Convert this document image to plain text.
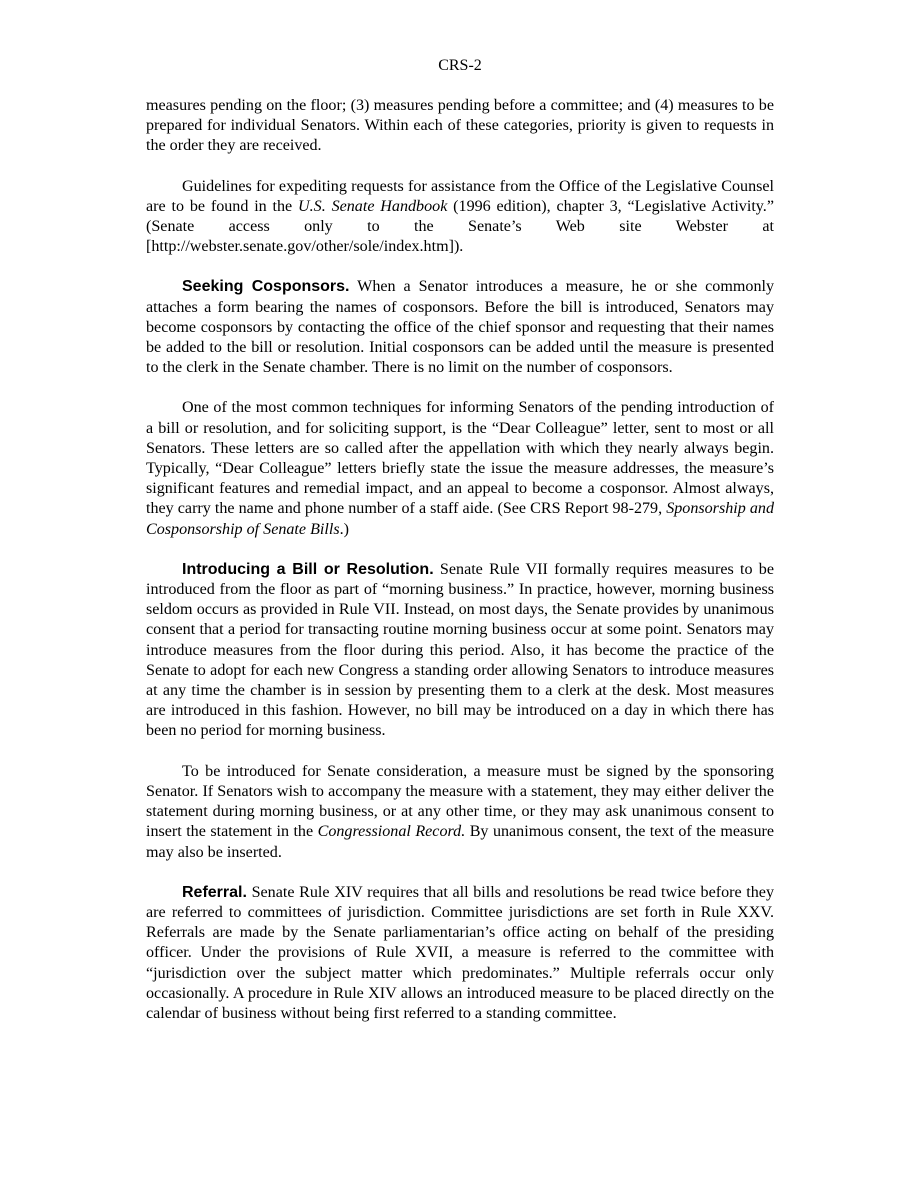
CRS-2

measures pending on the floor; (3) measures pending before a committee; and (4) measures to be prepared for individual Senators. Within each of these categories, priority is given to requests in the order they are received.

Guidelines for expediting requests for assistance from the Office of the Legislative Counsel are to be found in the U.S. Senate Handbook (1996 edition), chapter 3, “Legislative Activity.” (Senate access only to the Senate’s Web site Webster at [http://webster.senate.gov/other/sole/index.htm]).

Seeking Cosponsors. When a Senator introduces a measure, he or she commonly attaches a form bearing the names of cosponsors. Before the bill is introduced, Senators may become cosponsors by contacting the office of the chief sponsor and requesting that their names be added to the bill or resolution. Initial cosponsors can be added until the measure is presented to the clerk in the Senate chamber. There is no limit on the number of cosponsors.

One of the most common techniques for informing Senators of the pending introduction of a bill or resolution, and for soliciting support, is the “Dear Colleague” letter, sent to most or all Senators. These letters are so called after the appellation with which they nearly always begin. Typically, “Dear Colleague” letters briefly state the issue the measure addresses, the measure’s significant features and remedial impact, and an appeal to become a cosponsor. Almost always, they carry the name and phone number of a staff aide. (See CRS Report 98-279, Sponsorship and Cosponsorship of Senate Bills.)

Introducing a Bill or Resolution. Senate Rule VII formally requires measures to be introduced from the floor as part of “morning business.” In practice, however, morning business seldom occurs as provided in Rule VII. Instead, on most days, the Senate provides by unanimous consent that a period for transacting routine morning business occur at some point. Senators may introduce measures from the floor during this period. Also, it has become the practice of the Senate to adopt for each new Congress a standing order allowing Senators to introduce measures at any time the chamber is in session by presenting them to a clerk at the desk. Most measures are introduced in this fashion. However, no bill may be introduced on a day in which there has been no period for morning business.

To be introduced for Senate consideration, a measure must be signed by the sponsoring Senator. If Senators wish to accompany the measure with a statement, they may either deliver the statement during morning business, or at any other time, or they may ask unanimous consent to insert the statement in the Congressional Record. By unanimous consent, the text of the measure may also be inserted.

Referral. Senate Rule XIV requires that all bills and resolutions be read twice before they are referred to committees of jurisdiction. Committee jurisdictions are set forth in Rule XXV. Referrals are made by the Senate parliamentarian’s office acting on behalf of the presiding officer. Under the provisions of Rule XVII, a measure is referred to the committee with “jurisdiction over the subject matter which predominates.” Multiple referrals occur only occasionally. A procedure in Rule XIV allows an introduced measure to be placed directly on the calendar of business without being first referred to a standing committee.
